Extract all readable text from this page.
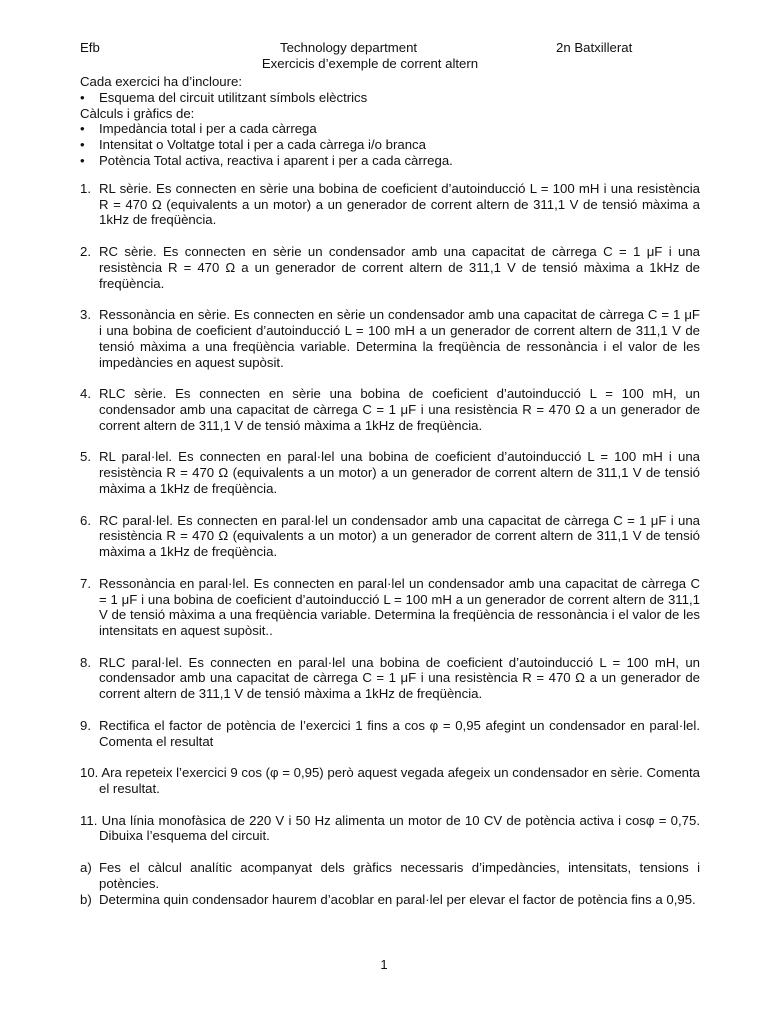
Efb	Technology department	2n Batxillerat
Exercicis d’exemple de corrent altern
Cada exercici ha d’incloure:
• Esquema del circuit utilitzant símbols elèctrics
Càlculs i gràfics de:
• Impedància total i per a cada càrrega
• Intensitat o Voltatge total i per a cada càrrega i/o branca
• Potència Total activa, reactiva i aparent i per a cada càrrega.
1. RL sèrie. Es connecten en sèrie una bobina de coeficient d’autoinducció L = 100 mH i una resistència R = 470 Ω (equivalents a un motor) a un generador de corrent altern de 311,1 V de tensió màxima a 1kHz de freqüència.
2. RC sèrie. Es connecten en sèrie un condensador amb una capacitat de càrrega C = 1 μF i una resistència R = 470 Ω a un generador de corrent altern de 311,1 V de tensió màxima a 1kHz de freqüència.
3. Ressonància en sèrie. Es connecten en sèrie un condensador amb una capacitat de càrrega C = 1 μF i una bobina de coeficient d’autoinducció L = 100 mH a un generador de corrent altern de 311,1 V de tensió màxima a una freqüència variable. Determina la freqüència de ressonància i el valor de les impedàncies en aquest supòsit.
4. RLC sèrie. Es connecten en sèrie una bobina de coeficient d’autoinducció L = 100 mH, un condensador amb una capacitat de càrrega C = 1 μF i una resistència R = 470 Ω a un generador de corrent altern de 311,1 V de tensió màxima a 1kHz de freqüència.
5. RL paral·lel. Es connecten en paral·lel una bobina de coeficient d’autoinducció L = 100 mH i una resistència R = 470 Ω (equivalents a un motor) a un generador de corrent altern de 311,1 V de tensió màxima a 1kHz de freqüència.
6. RC paral·lel. Es connecten en paral·lel un condensador amb una capacitat de càrrega C = 1 μF i una resistència R = 470 Ω (equivalents a un motor) a un generador de corrent altern de 311,1 V de tensió màxima a 1kHz de freqüència.
7. Ressonància en paral·lel. Es connecten en paral·lel un condensador amb una capacitat de càrrega C = 1 μF i una bobina de coeficient d’autoinducció L = 100 mH a un generador de corrent altern de 311,1 V de tensió màxima a una freqüència variable. Determina la freqüència de ressonància i el valor de les intensitats en aquest supòsit..
8. RLC paral·lel. Es connecten en paral·lel una bobina de coeficient d’autoinducció L = 100 mH, un condensador amb una capacitat de càrrega C = 1 μF i una resistència R = 470 Ω a un generador de corrent altern de 311,1 V de tensió màxima a 1kHz de freqüència.
9. Rectifica el factor de potència de l’exercici 1 fins a cos φ = 0,95 afegint un condensador en paral·lel. Comenta el resultat
10. Ara repeteix l’exercici 9 cos (φ = 0,95) però aquest vegada afegeix un condensador en sèrie. Comenta el resultat.
11. Una línia monofàsica de 220 V i 50 Hz alimenta un motor de 10 CV de potència activa i cosφ = 0,75. Dibuixa l’esquema del circuit.
a) Fes el càlcul analític acompanyat dels gràfics necessaris d’impedàncies, intensitats, tensions i potències.
b) Determina quin condensador haurem d’acoblar en paral·lel per elevar el factor de potència fins a 0,95.
1
